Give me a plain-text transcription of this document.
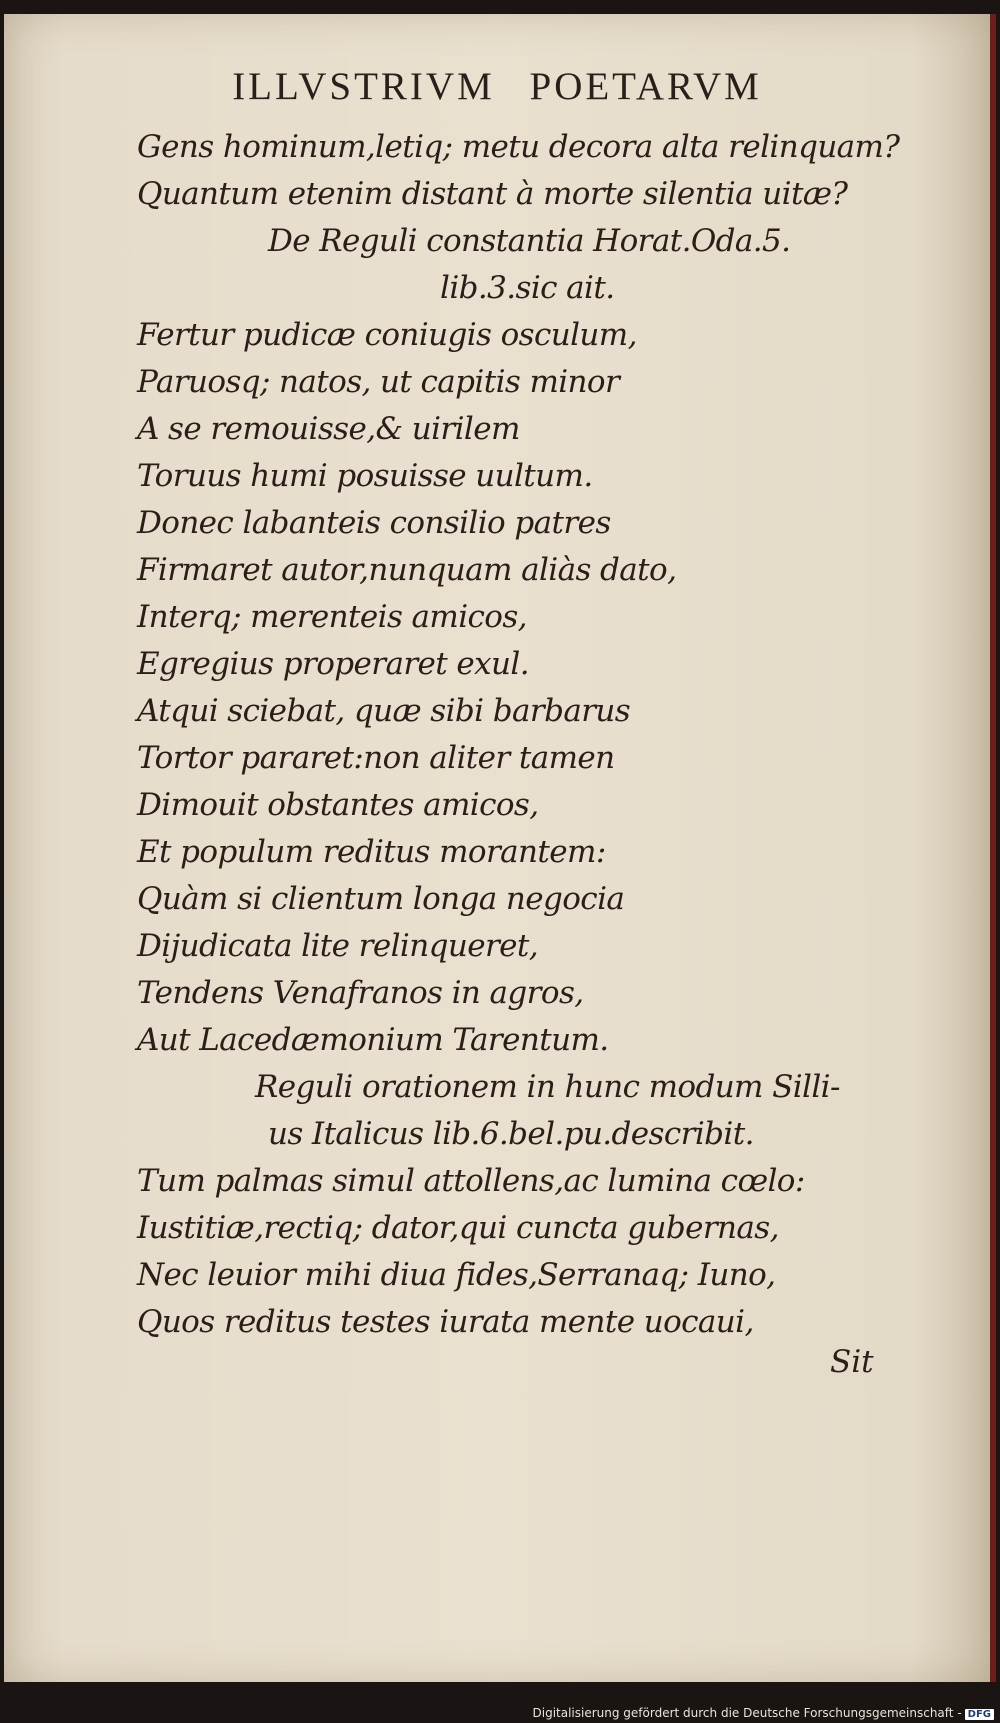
ILLVSTRIVM POETARVM
Gens hominum,letiq; metu decora alta relinquam?
Quantum etenim distant à morte silentia uitæ?
De Reguli constantia Horat.Oda.5.
lib.3.sic ait.
Fertur pudicæ coniugis osculum,
Paruosq; natos, ut capitis minor
A se remouisse,& uirilem
Toruus humi posuisse uultum.
Donec labanteis consilio patres
Firmaret autor,nunquam aliàs dato,
Interq; merenteis amicos,
Egregius properaret exul.
Atqui sciebat, quæ sibi barbarus
Tortor pararet:non aliter tamen
Dimouit obstantes amicos,
Et populum reditus morantem:
Quàm si clientum longa negocia
Dijudicata lite relinqueret,
Tendens Venafranos in agros,
Aut Lacedæmonium Tarentum.
Reguli orationem in hunc modum Silli-
us Italicus lib.6.bel.pu.describit.
Tum palmas simul attollens,ac lumina cœlo:
Iustitiæ,rectiq; dator,qui cuncta gubernas,
Nec leuior mihi diua fides,Serranaq; Iuno,
Quos reditus testes iurata mente uocaui,
Sit
Digitalisierung gefördert durch die Deutsche Forschungsgemeinschaft - DFG
